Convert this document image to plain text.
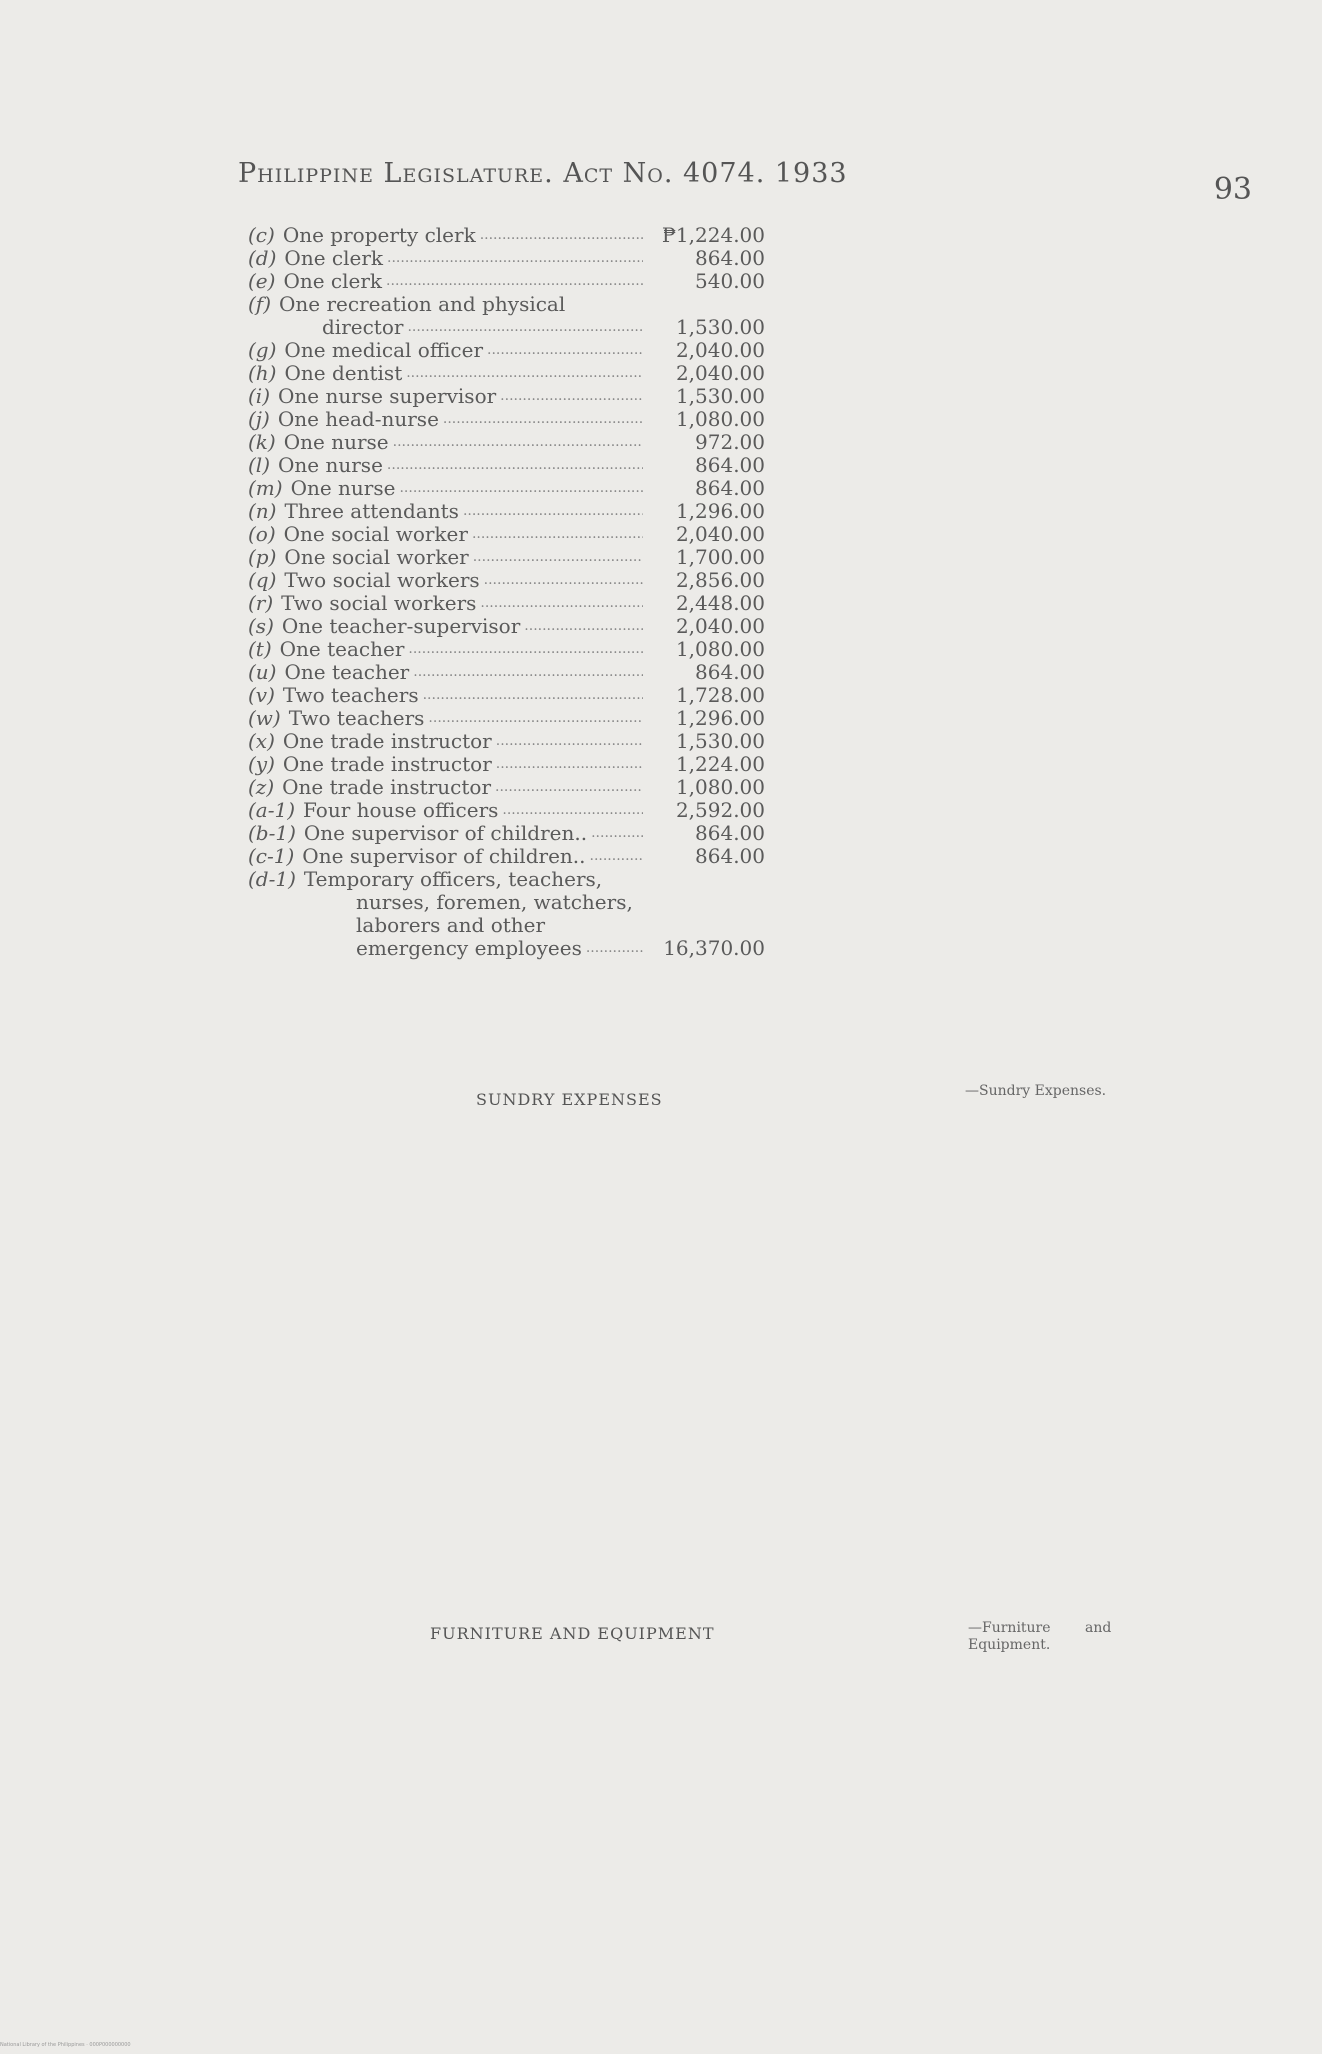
Philippine Legislature. Act No. 4074. 1933	93
(c) One property clerk .....	₱1,224.00
(d) One clerk .....	864.00
(e) One clerk .....	540.00
(f) One recreation and physical
director .....	1,530.00
(g) One medical officer .....	2,040.00
(h) One dentist .....	2,040.00
(i) One nurse supervisor .....	1,530.00
(j) One head-nurse .....	1,080.00
(k) One nurse .....	972.00
(l) One nurse .....	864.00
(m) One nurse .....	864.00
(n) Three attendants .....	1,296.00
(o) One social worker .....	2,040.00
(p) One social worker .....	1,700.00
(q) Two social workers .....	2,856.00
(r) Two social workers .....	2,448.00
(s) One teacher-supervisor .....	2,040.00
(t) One teacher .....	1,080.00
(u) One teacher .....	864.00
(v) Two teachers .....	1,728.00
(w) Two teachers .....	1,296.00
(x) One trade instructor .....	1,530.00
(y) One trade instructor .....	1,224.00
(z) One trade instructor .....	1,080.00
(a-1) Four house officers .....	2,592.00
(b-1) One supervisor of children.. .....	864.00
(c-1) One supervisor of children.. .....	864.00
(d-1) Temporary officers, teachers,
nurses, foremen, watchers,
laborers and other
emergency employees .....	16,370.00
SUNDRY EXPENSES	—Sundry Expenses.
FURNITURE AND EQUIPMENT	—Furniture and
Equipment.
National Library of the Philippines · 000P000000000
